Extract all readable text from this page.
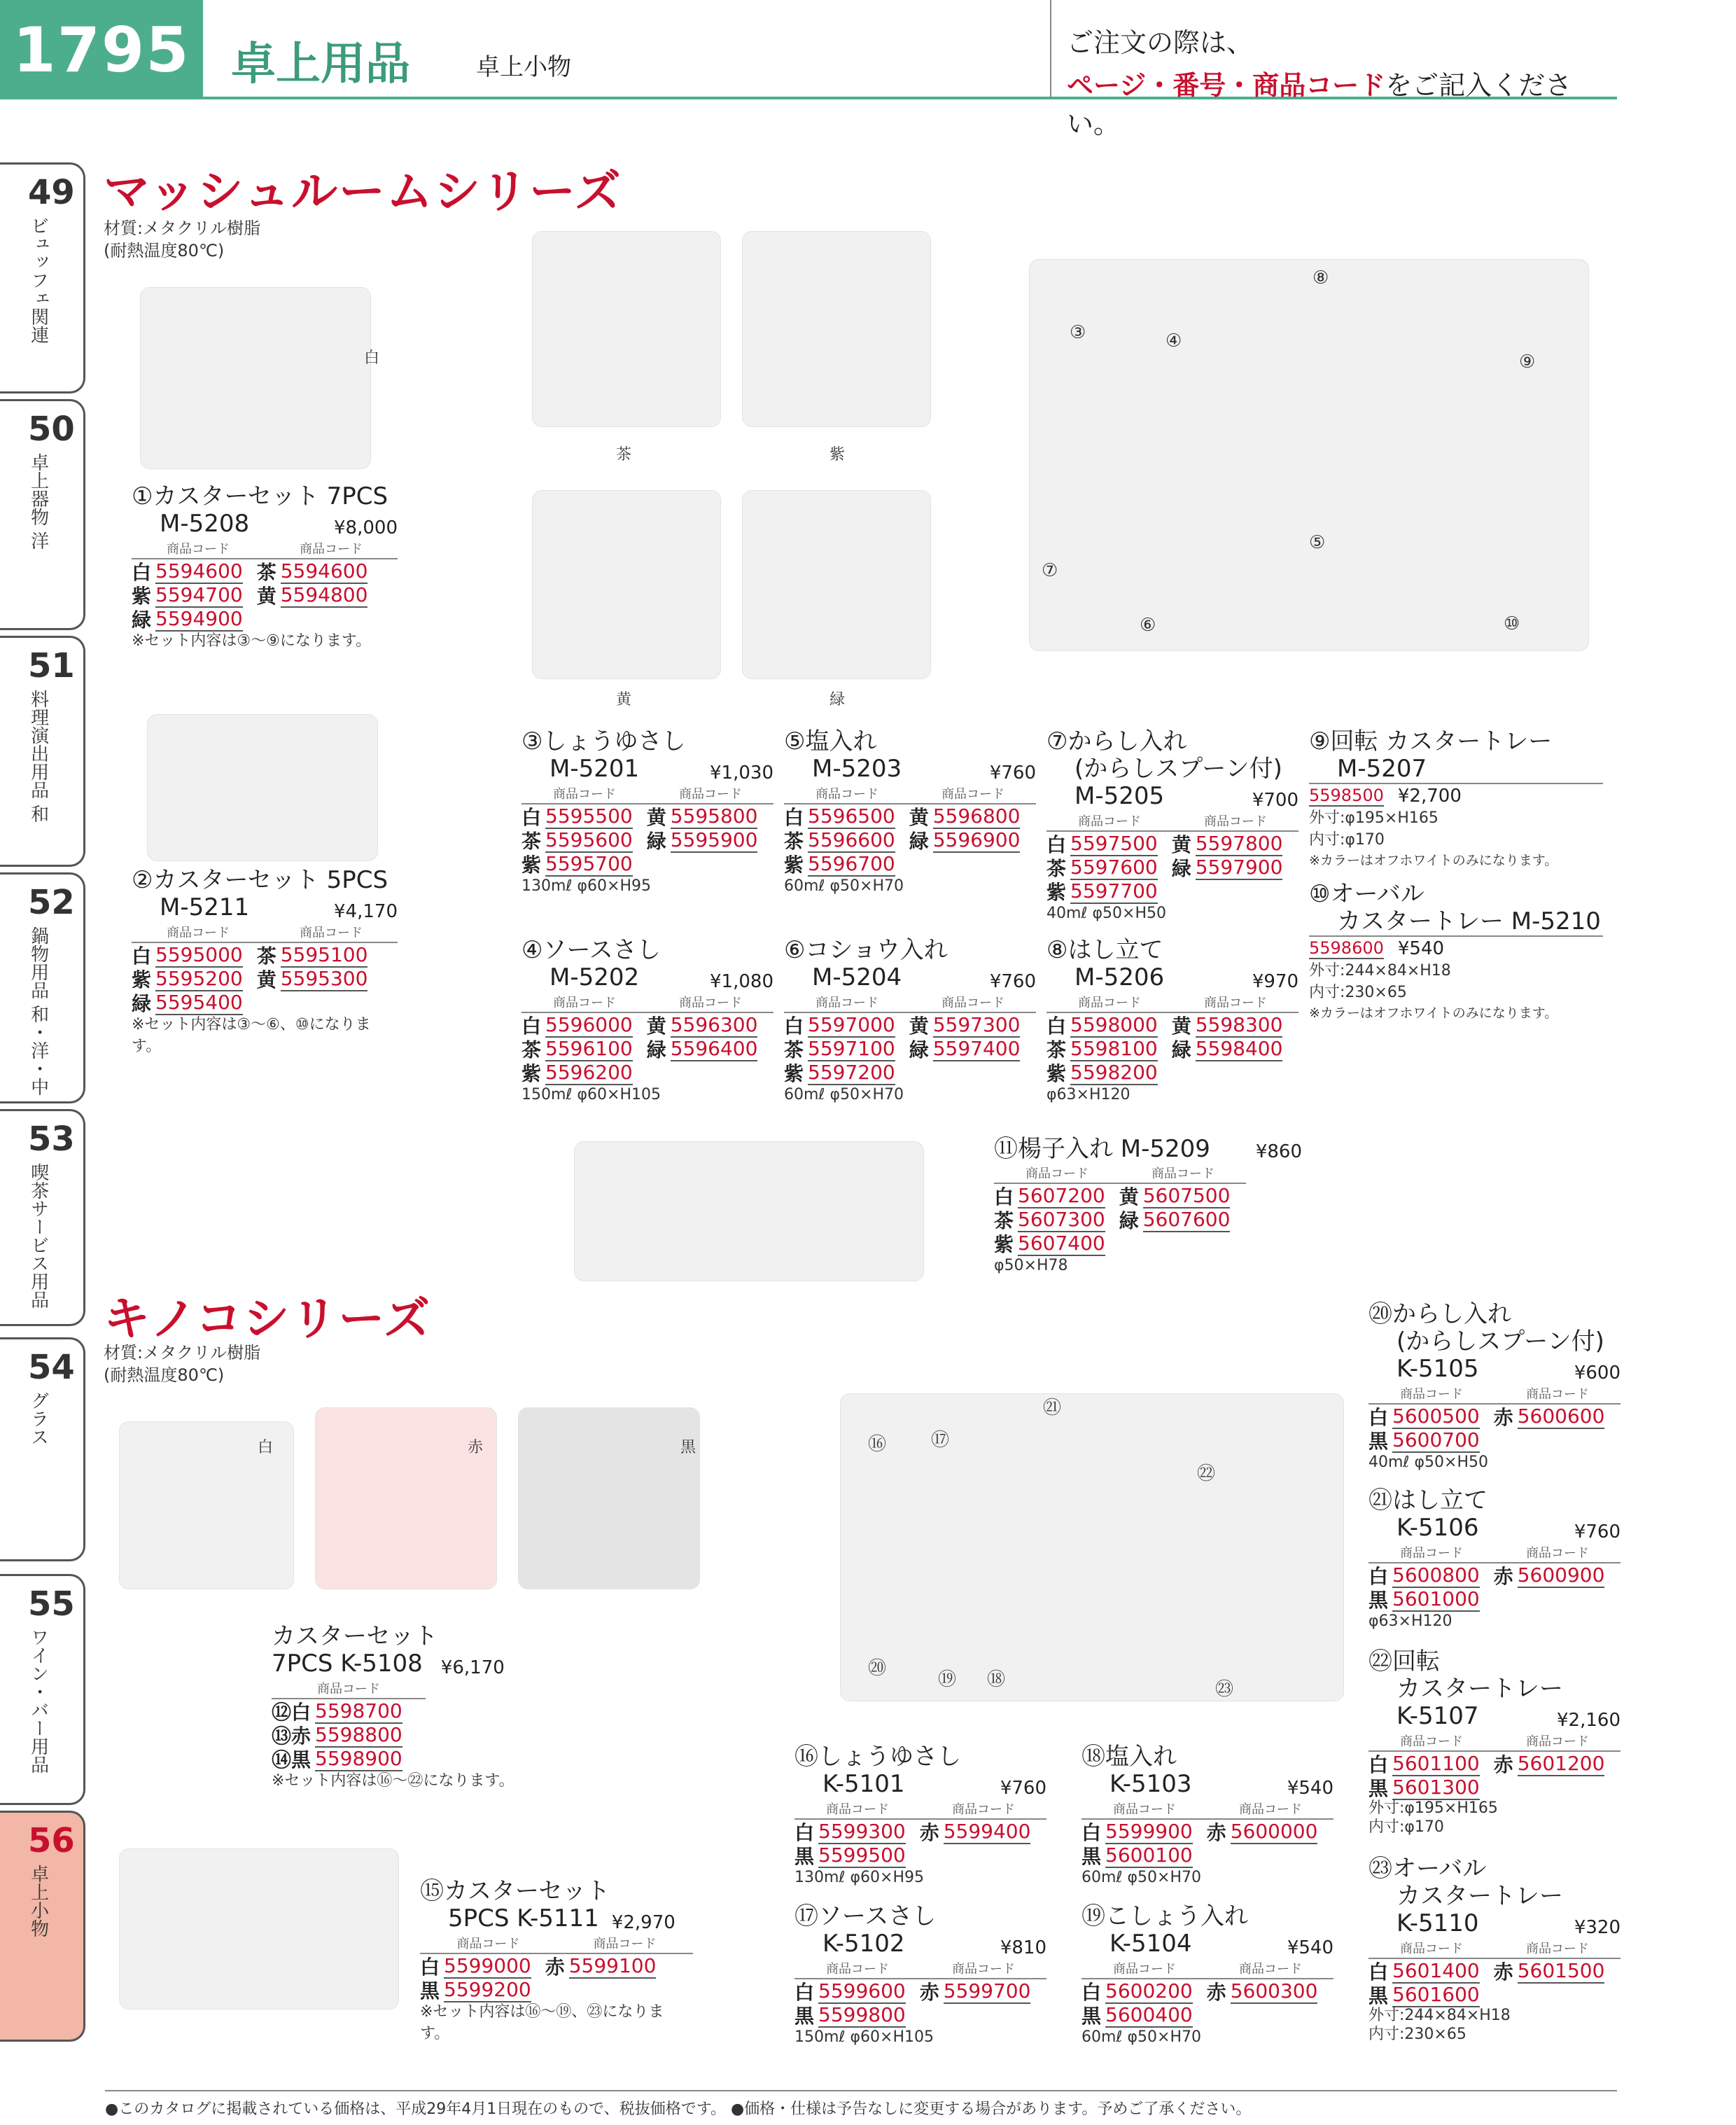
1795 卓上用品	卓上小物
ご注文の際は、
ページ・番号・商品コードをご記入ください。
49
ビュッフェ関連
50
卓上器物 洋
51
料理演出用品 和
52
鍋物用品 和・洋・中
53
喫茶サービス用品
54
グラス
55
ワイン・バー用品
56
卓上小物
マッシュルームシリーズ
材質:メタクリル樹脂
(耐熱温度80℃)
白
茶	紫
黄	緑
③	④
⑤
⑥
⑦
⑧
⑨
⑩
①カスターセット 7PCS
M-5208	¥8,000
商品コード	商品コード
白 5594600 茶 5594600
紫 5594700 黄 5594800
緑 5594900
※セット内容は③〜⑨になります。
②カスターセット 5PCS
M-5211	¥4,170
商品コード	商品コード
白 5595000 茶 5595100
紫 5595200 黄 5595300
緑 5595400
※セット内容は③〜⑥、⑩になります。
③しょうゆさし
M-5201	¥1,030
商品コード	商品コード
白 5595500 黄 5595800
茶 5595600 緑 5595900
紫 5595700
130mℓ φ60×H95
⑤塩入れ
M-5203	¥760
商品コード	商品コード
白 5596500 黄 5596800
茶 5596600 緑 5596900
紫 5596700
60mℓ φ50×H70
⑦からし入れ
(からしスプーン付)
M-5205	¥700
商品コード	商品コード
白 5597500 黄 5597800
茶 5597600 緑 5597900
紫 5597700
40mℓ φ50×H50
⑨回転 カスタートレー
M-5207
5598500 ¥2,700
外寸:φ195×H165
内寸:φ170
※カラーはオフホワイトのみになります。
⑩オーバル
カスタートレー M-5210
5598600 ¥540
外寸:244×84×H18
内寸:230×65
※カラーはオフホワイトのみになります。
④ソースさし
M-5202	¥1,080
商品コード	商品コード
白 5596000 黄 5596300
茶 5596100 緑 5596400
紫 5596200
150mℓ φ60×H105
⑥コショウ入れ
M-5204	¥760
商品コード	商品コード
白 5597000 黄 5597300
茶 5597100 緑 5597400
紫 5597200
60mℓ φ50×H70
⑧はし立て
M-5206	¥970
商品コード	商品コード
白 5598000 黄 5598300
茶 5598100 緑 5598400
紫 5598200
φ63×H120
⑪楊子入れ M-5209 ¥860
商品コード	商品コード
白 5607200 黄 5607500
茶 5607300 緑 5607600
紫 5607400
φ50×H78
キノコシリーズ
材質:メタクリル樹脂
(耐熱温度80℃)
白	赤	黒
カスターセット
7PCS K-5108 ¥6,170
商品コード
⑫白 5598700
⑬赤 5598800
⑭黒 5598900
※セット内容は⑯〜㉒になります。
⑮カスターセット
5PCS K-5111 ¥2,970
商品コード	商品コード
白 5599000 赤 5599100
黒 5599200
※セット内容は⑯〜⑲、㉓になります。
⑯ ⑰
㉑
㉒
⑳
⑲ ⑱	㉓
⑯しょうゆさし
K-5101	¥760
商品コード	商品コード
白 5599300 赤 5599400
黒 5599500
130mℓ φ60×H95
⑰ソースさし
K-5102	¥810
商品コード	商品コード
白 5599600 赤 5599700
黒 5599800
150mℓ φ60×H105
⑱塩入れ
K-5103	¥540
商品コード	商品コード
白 5599900 赤 5600000
黒 5600100
60mℓ φ50×H70
⑲こしょう入れ
K-5104	¥540
商品コード	商品コード
白 5600200 赤 5600300
黒 5600400
60mℓ φ50×H70
⑳からし入れ
(からしスプーン付)
K-5105	¥600
商品コード	商品コード
白 5600500 赤 5600600
黒 5600700
40mℓ φ50×H50
㉑はし立て
K-5106	¥760
商品コード	商品コード
白 5600800 赤 5600900
黒 5601000
φ63×H120
㉒回転
カスタートレー
K-5107	¥2,160
商品コード	商品コード
白 5601100 赤 5601200
黒 5601300
外寸:φ195×H165
内寸:φ170
㉓オーバル
カスタートレー
K-5110	¥320
商品コード	商品コード
白 5601400 赤 5601500
黒 5601600
外寸:244×84×H18
内寸:230×65
●このカタログに掲載されている価格は、平成29年4月1日現在のもので、税抜価格です。 ●価格・仕様は予告なしに変更する場合があります。予めご了承ください。
